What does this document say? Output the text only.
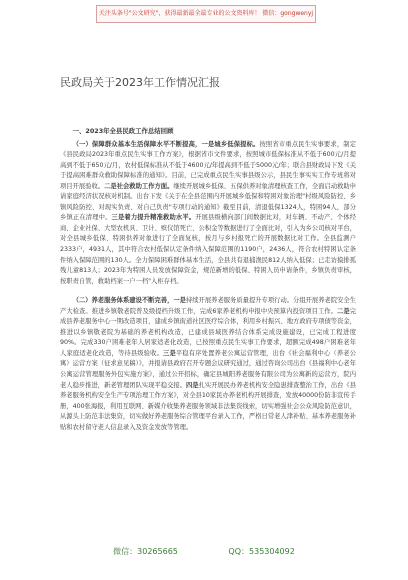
关注头条号"公文研究"，获得最新最全最专业的公文资料库！ 微信：gongwenyj
民政局关于2023年工作情况汇报
一、2023年全县民政工作总结回顾

（一）保障群众基本生活保障水平不断提高，一是城乡低保提标。按照省市重点民生实事要求，制定《县民政局2023年重点民生实事工作方案》，根据省市文件要求，按照城市低保标准从不低于600元/月提高到不低于650元/月，农村低保标准从不低于4600元/年提高到不低于5000元/年；联合县财政局下发《关于提高困难群众救助保障标准的通知》。目前，已完成重点民生实事县级公示，县民生事实实工作专班将对项目开展验收。二是社会救助工作方面。继续开展城乡低保、五保供养对象清理核查工作，全面启动救助申请家庭经济状况核对机制。出台下发《关于在全县范围内开展城乡低保和特困对象治理"村级风险防控、乡镇风险防控、对现实负责、对自己负责"专项行动的通知》截至目前，清退低保1324人，特困94人，部分乡镇正在清理中。三是着力提升精准救助水平。开展县级横向部门间数据比对，对车辆、不动产、个体经商、企业社保、大型农机具、卫计、殡仪馆死亡、公积金等数据进行了全面比对，引入为乡公司核对平台，对全县城乡低保、特困供养对象进行了全面复核，按月与乡村报死亡的开展数据比对工作。全县监测户2333户，4931人，其中符合农村低保认定条件纳入保障范围的1190户，2436人，符合农村特困认定条件纳入保障范围的130人。全力保障困难群体基本生活，全县共有退捕渔民812人纳入低保；已走访摸排孤残儿童813人；2023年为特困人员发放保障资金，规范新增的低保、特困人员申请条件，乡镇负责审核，按职责自管，救助档案一户一档"入柜存档。

（二）养老服务体系建设不断完善，一是持续开展养老服务质量提升专项行动。分组开展养老院安全生产大检查。推进乡镇敬老院普及级提档升级工作，完成6家养老机构申报中央预算内投资项目工作。二是完成县养老服务中心一期改造项目，建成乡镇街道社区医疗综合体，利用乡村振兴、地方政府专项债等资金，推进以乡镇敬老院为基础的养老机构改造，已建成县域医养结合体系完成设施建设，已完成工程进度90%。完成330户困难老年人居家适老化改造，已按照重点民生实事工作要求，超额完成498户困难老年人家庭适老化改造，等待县级验收。三是平稳有序处置养老公寓运营管理，出台《社会福利中心（养老公寓）运营方案（征求意见稿）》，并报请县政府召开专题会议研究通过，通过咨询公司出台《县福利中心老年公寓运营管理服务外包实施方案》，通过公开招标，确定县城阳养老服务有限公司为公寓新的运营方，院内老人稳步推进，新老管理团队实现平稳交接。四是扎实开展民办养老机构安全隐患排查整治工作，出台《县养老服务机构安全生产专项治理工作方案》，对全县10家民办养老机构开展排查，发放40000份防非宣传手册，400张海报，利用互联网、新媒介收集养老服务领域非法集资线索，切实增强社会公众风险防范意识，从源头上防范非法集资，切实做好养老服务综合管理平台录入工作，严格日常老人津补贴、基本养老服务补贴和农村留守老人信息录入及资金发放等管理。

微信：30265665	QQ：535304092
